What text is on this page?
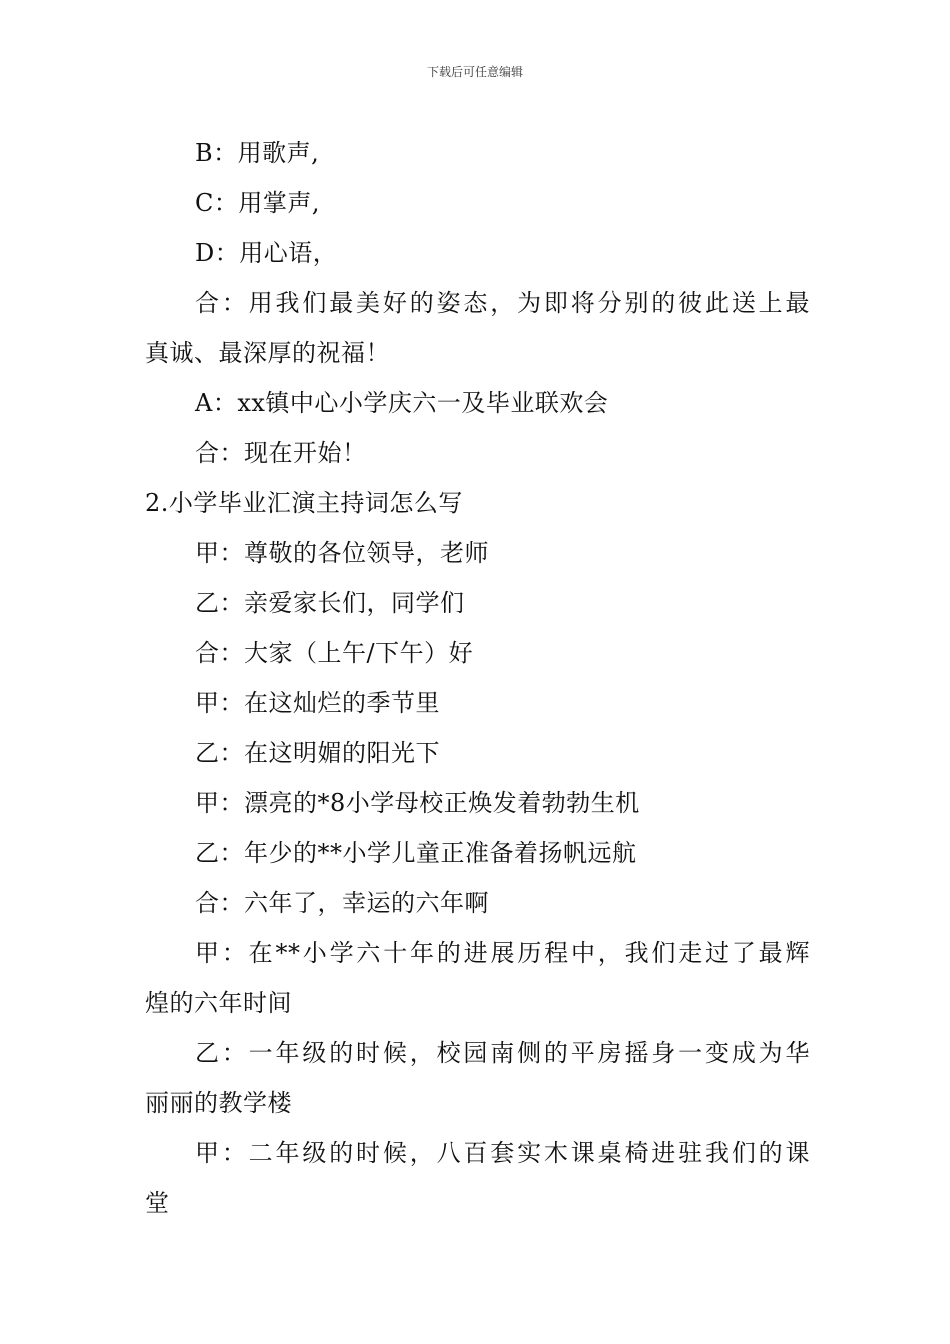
下载后可任意编辑
B：用歌声,
C：用掌声,
D：用心语，
合：用我们最美好的姿态，为即将分别的彼此送上最
真诚、最深厚的祝福！
A：xx镇中心小学庆六一及毕业联欢会
合：现在开始！
2.小学毕业汇演主持词怎么写
甲：尊敬的各位领导，老师
乙：亲爱家长们，同学们
合：大家（上午/下午）好
甲：在这灿烂的季节里
乙：在这明媚的阳光下
甲：漂亮的*8小学母校正焕发着勃勃生机
乙：年少的**小学儿童正准备着扬帆远航
合：六年了，幸运的六年啊
甲：在**小学六十年的进展历程中，我们走过了最辉
煌的六年时间
乙：一年级的时候，校园南侧的平房摇身一变成为华
丽丽的教学楼
甲：二年级的时候，八百套实木课桌椅进驻我们的课
堂
